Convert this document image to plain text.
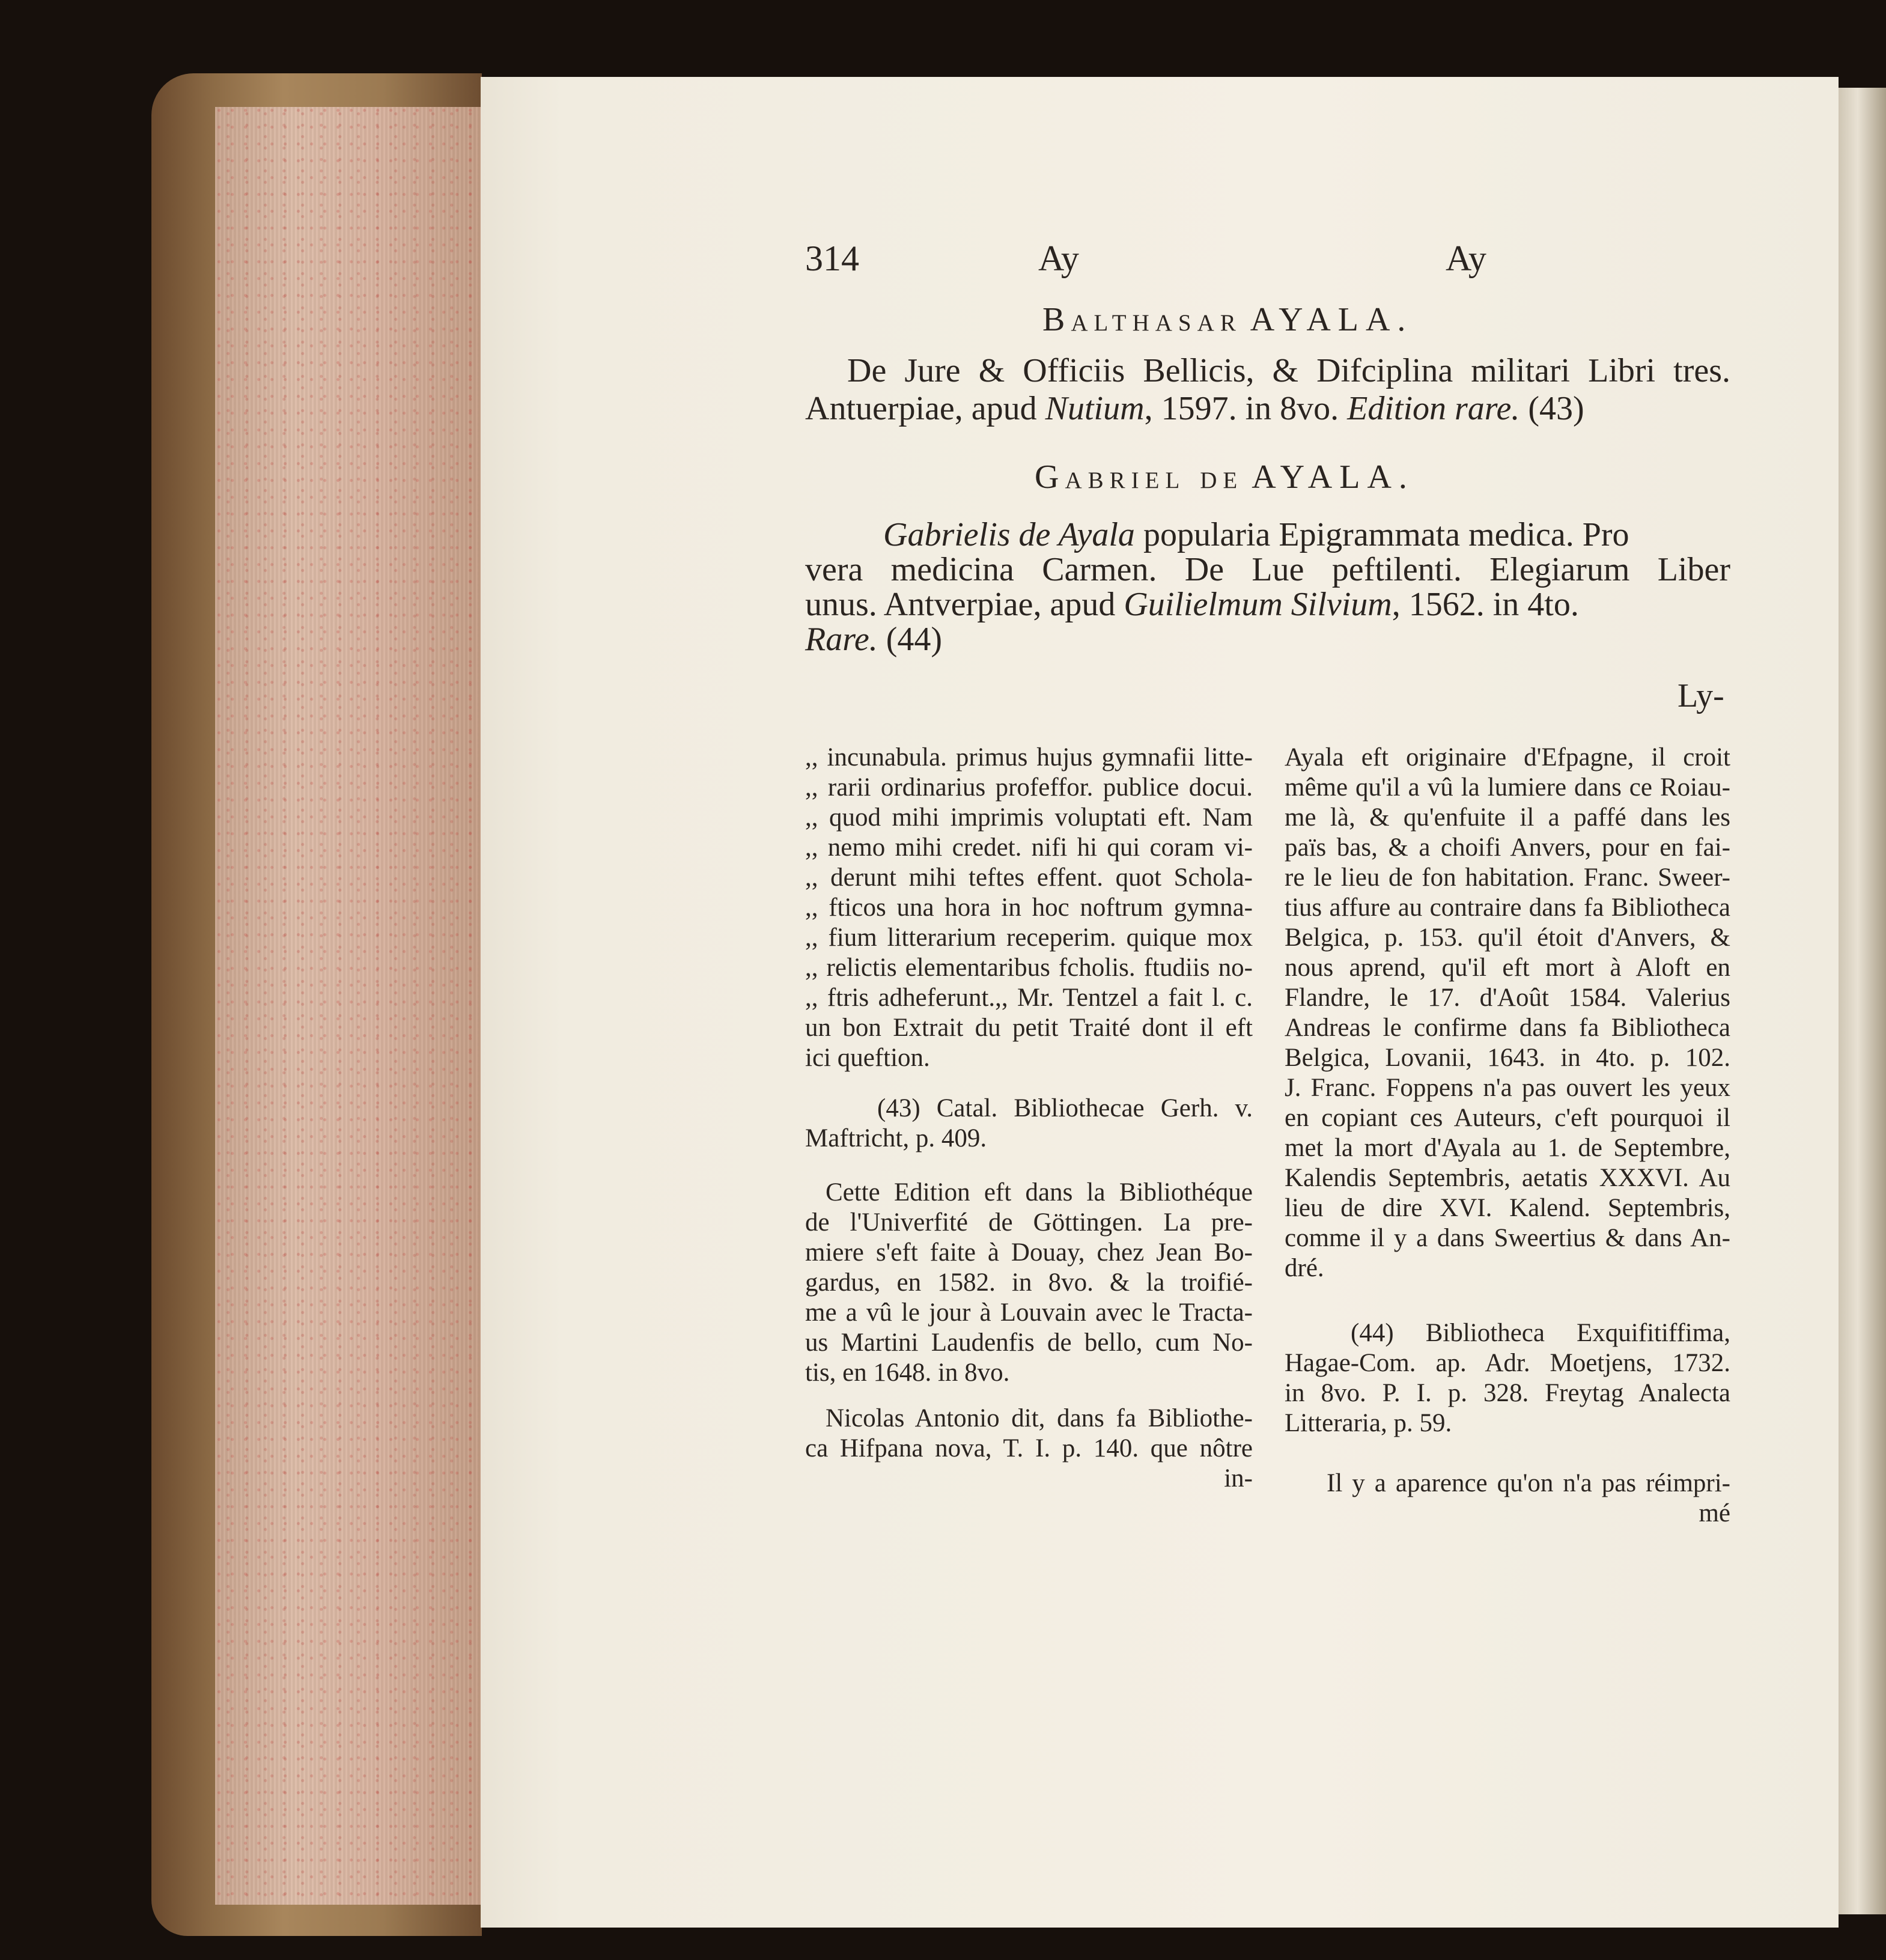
314	Ay	Ay
Balthasar AYALA.
De Jure & Officiis Bellicis, & Difciplina militari Libri tres.
Antuerpiae, apud Nutium, 1597. in 8vo. Edition rare. (43)
Gabriel de AYALA.
Gabrielis de Ayala popularia Epigrammata medica. Pro
vera medicina Carmen. De Lue peftilenti. Elegiarum Liber
unus. Antverpiae, apud Guilielmum Silvium, 1562. in 4to.
Rare. (44)
Ly-
,, incunabula. primus hujus gymnafii litte-
,, rarii ordinarius profeffor. publice docui.
,, quod mihi imprimis voluptati eft. Nam
,, nemo mihi credet. nifi hi qui coram vi-
,, derunt mihi teftes effent. quot Schola-
,, fticos una hora in hoc noftrum gymna-
,, fium litterarium receperim. quique mox
,, relictis elementaribus fcholis. ftudiis no-
,, ftris adheferunt.,, Mr. Tentzel a fait l. c.
un bon Extrait du petit Traité dont il eft
ici queftion.
(43) Catal. Bibliothecae Gerh. v.
Maftricht, p. 409.
Cette Edition eft dans la Bibliothéque
de l'Univerfité de Göttingen. La pre-
miere s'eft faite à Douay, chez Jean Bo-
gardus, en 1582. in 8vo. & la troifié-
me a vû le jour à Louvain avec le Tracta-
us Martini Laudenfis de bello, cum No-
tis, en 1648. in 8vo.
Nicolas Antonio dit, dans fa Bibliothe-
ca Hifpana nova, T. I. p. 140. que nôtre
in-
Ayala eft originaire d'Efpagne, il croit
même qu'il a vû la lumiere dans ce Roiau-
me là, & qu'enfuite il a paffé dans les
païs bas, & a choifi Anvers, pour en fai-
re le lieu de fon habitation. Franc. Sweer-
tius affure au contraire dans fa Bibliotheca
Belgica, p. 153. qu'il étoit d'Anvers, &
nous aprend, qu'il eft mort à Aloft en
Flandre, le 17. d'Août 1584. Valerius
Andreas le confirme dans fa Bibliotheca
Belgica, Lovanii, 1643. in 4to. p. 102.
J. Franc. Foppens n'a pas ouvert les yeux
en copiant ces Auteurs, c'eft pourquoi il
met la mort d'Ayala au 1. de Septembre,
Kalendis Septembris, aetatis XXXVI. Au
lieu de dire XVI. Kalend. Septembris,
comme il y a dans Sweertius & dans An-
dré.
(44) Bibliotheca Exquifitiffima,
Hagae-Com. ap. Adr. Moetjens, 1732.
in 8vo. P. I. p. 328. Freytag Analecta
Litteraria, p. 59.
Il y a aparence qu'on n'a pas réimpri-
mé
